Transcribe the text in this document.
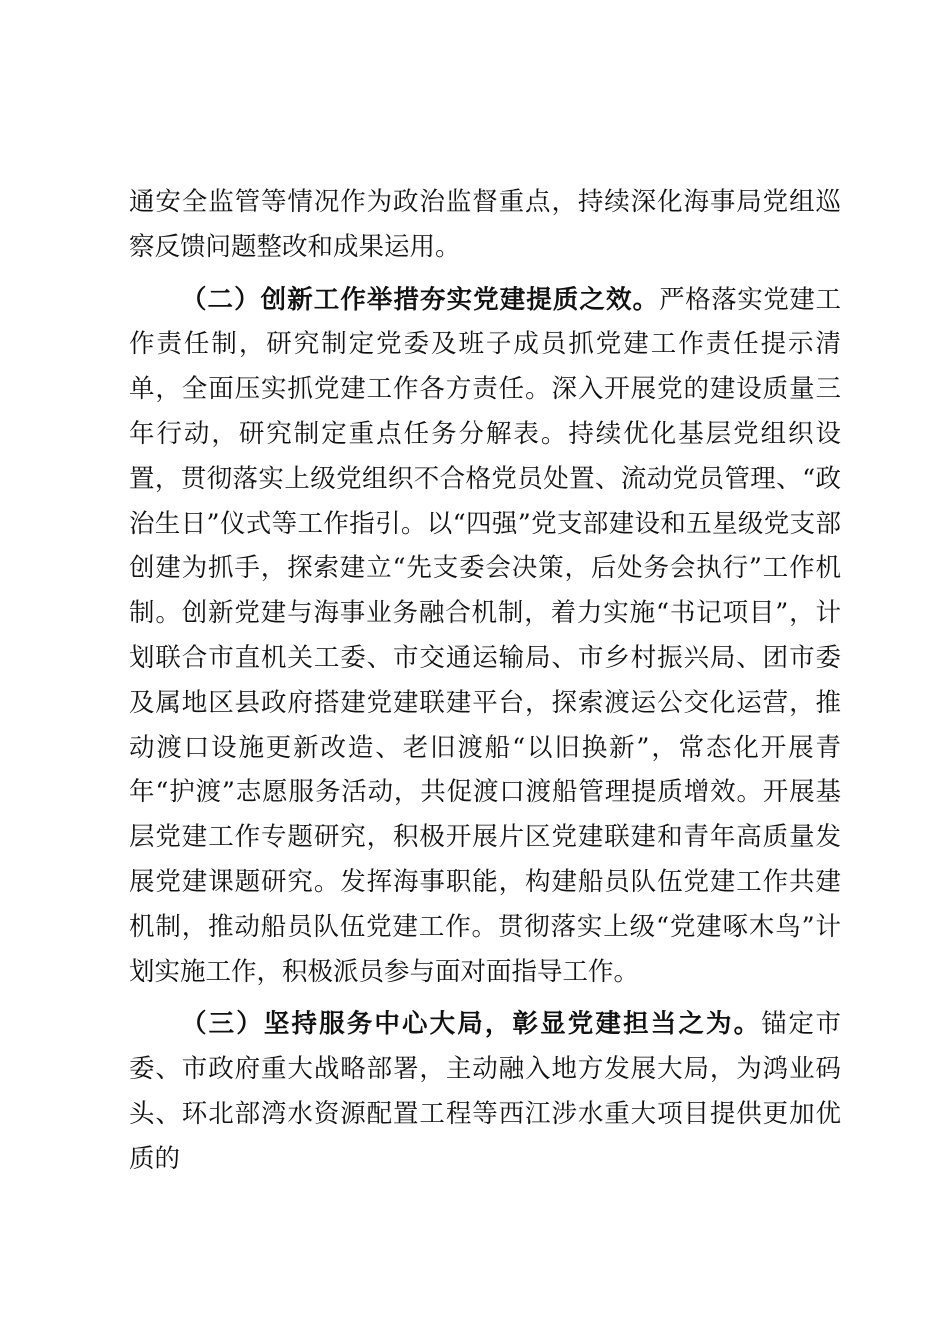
通安全监管等情况作为政治监督重点，持续深化海事局党组巡察反馈问题整改和成果运用。

（二）创新工作举措夯实党建提质之效。严格落实党建工作责任制，研究制定党委及班子成员抓党建工作责任提示清单，全面压实抓党建工作各方责任。深入开展党的建设质量三年行动，研究制定重点任务分解表。持续优化基层党组织设置，贯彻落实上级党组织不合格党员处置、流动党员管理、“政治生日”仪式等工作指引。以“四强”党支部建设和五星级党支部创建为抓手，探索建立“先支委会决策，后处务会执行”工作机制。创新党建与海事业务融合机制，着力实施“书记项目”，计划联合市直机关工委、市交通运输局、市乡村振兴局、团市委及属地区县政府搭建党建联建平台，探索渡运公交化运营，推动渡口设施更新改造、老旧渡船“以旧换新”，常态化开展青年“护渡”志愿服务活动，共促渡口渡船管理提质增效。开展基层党建工作专题研究，积极开展片区党建联建和青年高质量发展党建课题研究。发挥海事职能，构建船员队伍党建工作共建机制，推动船员队伍党建工作。贯彻落实上级“党建啄木鸟”计划实施工作，积极派员参与面对面指导工作。

（三）坚持服务中心大局，彰显党建担当之为。锚定市委、市政府重大战略部署，主动融入地方发展大局，为鸿业码头、环北部湾水资源配置工程等西江涉水重大项目提供更加优质的
